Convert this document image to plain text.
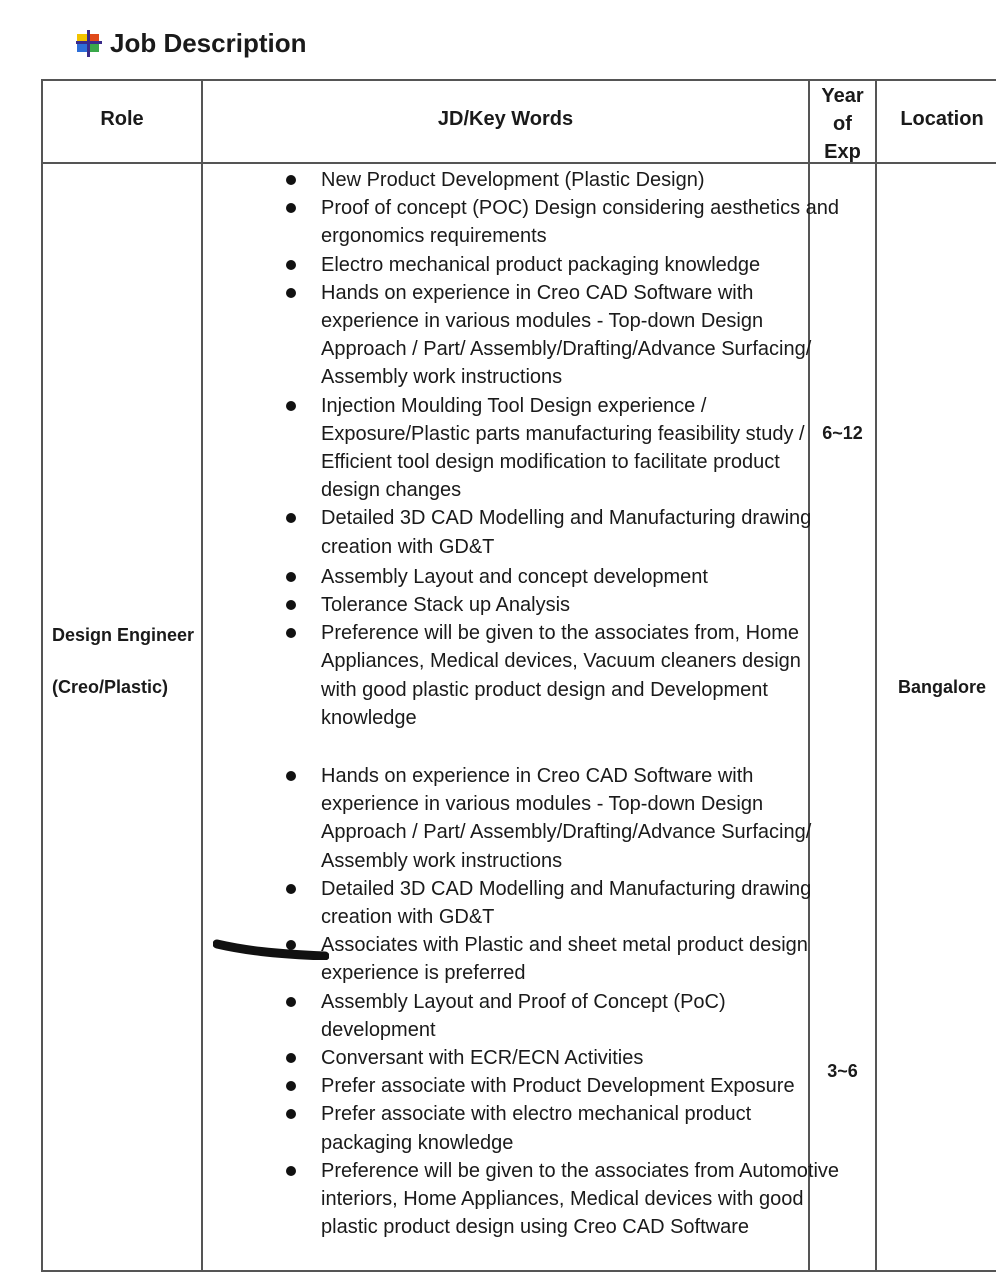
Job Description
Role	JD/Key Words
Year
of
Exp
Location
Design Engineer
(Creo/Plastic)
6~12
3~6
Bangalore
New Product Development (Plastic Design)
Proof of concept (POC) Design considering aesthetics and ergonomics requirements
Electro mechanical product packaging knowledge
Hands on experience in Creo CAD Software with experience in various modules - Top-down Design Approach / Part/ Assembly/Drafting/Advance Surfacing/ Assembly work instructions
Injection Moulding Tool Design experience / Exposure/Plastic parts manufacturing feasibility study / Efficient tool design modification to facilitate product design changes
Detailed 3D CAD Modelling and Manufacturing drawing creation with GD&T
Assembly Layout and concept development
Tolerance Stack up Analysis
Preference will be given to the associates from, Home Appliances, Medical devices, Vacuum cleaners design with good plastic product design and Development knowledge
Hands on experience in Creo CAD Software with experience in various modules - Top-down Design Approach / Part/ Assembly/Drafting/Advance Surfacing/ Assembly work instructions
Detailed 3D CAD Modelling and Manufacturing drawing creation with GD&T
Associates with Plastic and sheet metal product design experience is preferred
Assembly Layout and Proof of Concept (PoC) development
Conversant with ECR/ECN Activities
Prefer associate with Product Development Exposure
Prefer associate with electro mechanical product packaging knowledge
Preference will be given to the associates from Automotive interiors, Home Appliances, Medical devices with good plastic product design using Creo CAD Software
